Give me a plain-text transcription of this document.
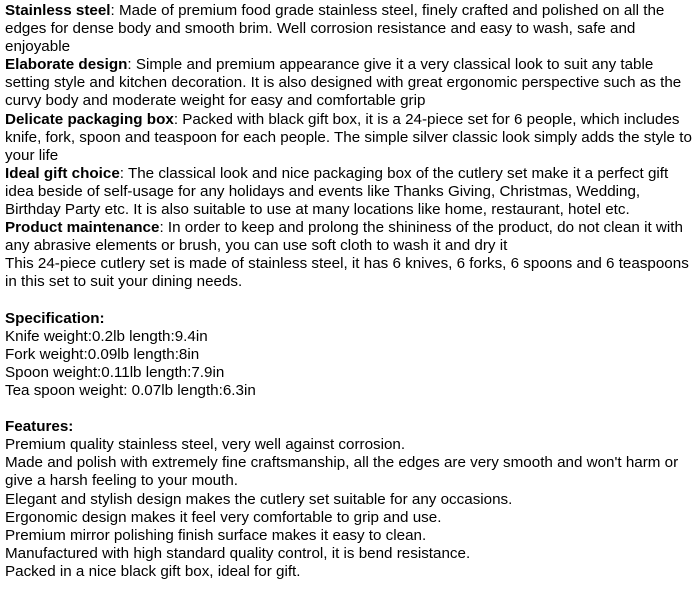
Stainless steel: Made of premium food grade stainless steel, finely crafted and polished on all the edges for dense body and smooth brim. Well corrosion resistance and easy to wash, safe and enjoyable

Elaborate design: Simple and premium appearance give it a very classical look to suit any table setting style and kitchen decoration. It is also designed with great ergonomic perspective such as the curvy body and moderate weight for easy and comfortable grip

Delicate packaging box: Packed with black gift box, it is a 24-piece set for 6 people, which includes knife, fork, spoon and teaspoon for each people. The simple silver classic look simply adds the style to your life

Ideal gift choice: The classical look and nice packaging box of the cutlery set make it a perfect gift idea beside of self-usage for any holidays and events like Thanks Giving, Christmas, Wedding, Birthday Party etc. It is also suitable to use at many locations like home, restaurant, hotel etc.

Product maintenance: In order to keep and prolong the shininess of the product, do not clean it with any abrasive elements or brush, you can use soft cloth to wash it and dry it

This 24-piece cutlery set is made of stainless steel, it has 6 knives, 6 forks, 6 spoons and 6 teaspoons in this set to suit your dining needs.

Specification:

Knife weight:0.2lb length:9.4in

Fork weight:0.09lb length:8in

Spoon weight:0.11lb length:7.9in

Tea spoon weight: 0.07lb length:6.3in

Features:

Premium quality stainless steel, very well against corrosion.

Made and polish with extremely fine craftsmanship, all the edges are very smooth and won't harm or give a harsh feeling to your mouth.

Elegant and stylish design makes the cutlery set suitable for any occasions.

Ergonomic design makes it feel very comfortable to grip and use.

Premium mirror polishing finish surface makes it easy to clean.

Manufactured with high standard quality control, it is bend resistance.

Packed in a nice black gift box, ideal for gift.
